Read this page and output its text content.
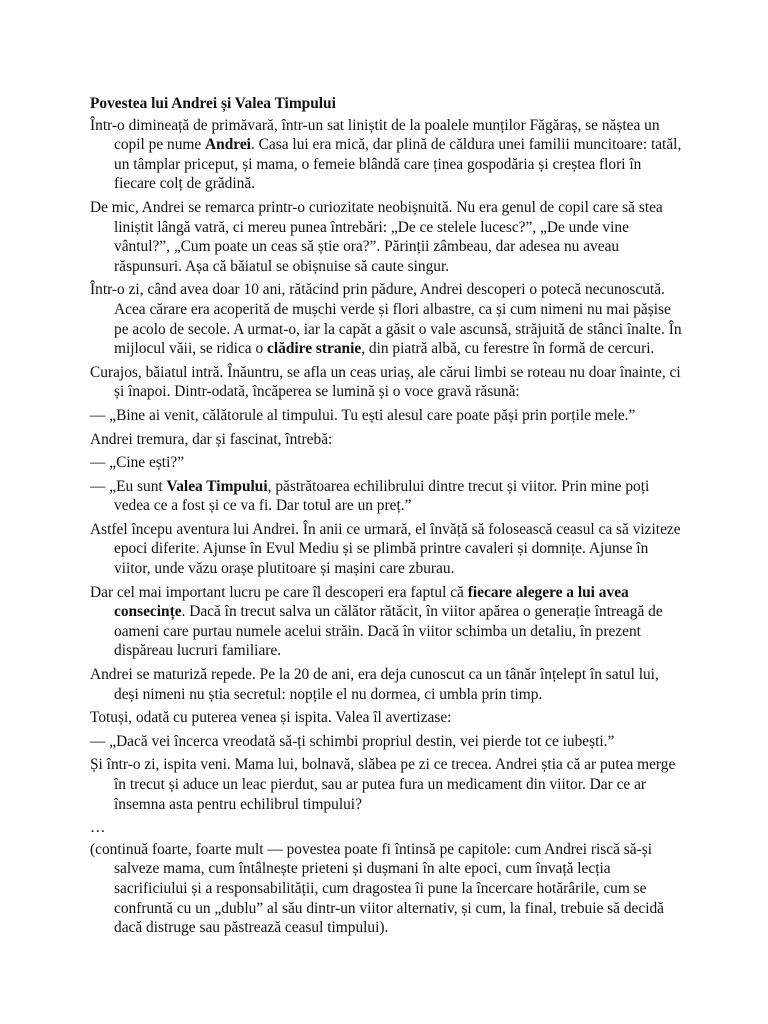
Povestea lui Andrei și Valea Timpului
Într-o dimineață de primăvară, într-un sat liniștit de la poalele munților Făgăraș, se năștea un copil pe nume Andrei. Casa lui era mică, dar plină de căldura unei familii muncitoare: tatăl, un tâmplar priceput, și mama, o femeie blândă care ținea gospodăria și creștea flori în fiecare colț de grădină.
De mic, Andrei se remarca printr-o curiozitate neobișnuită. Nu era genul de copil care să stea liniștit lângă vatră, ci mereu punea întrebări: „De ce stelele lucesc?”, „De unde vine vântul?”, „Cum poate un ceas să știe ora?”. Părinții zâmbeau, dar adesea nu aveau răspunsuri. Așa că băiatul se obișnuise să caute singur.
Într-o zi, când avea doar 10 ani, rătăcind prin pădure, Andrei descoperi o potecă necunoscută. Acea cărare era acoperită de mușchi verde și flori albastre, ca și cum nimeni nu mai pășise pe acolo de secole. A urmat-o, iar la capăt a găsit o vale ascunsă, străjuită de stânci înalte. În mijlocul văii, se ridica o clădire stranie, din piatră albă, cu ferestre în formă de cercuri.
Curajos, băiatul intră. Înăuntru, se afla un ceas uriaș, ale cărui limbi se roteau nu doar înainte, ci și înapoi. Dintr-odată, încăperea se lumină și o voce gravă răsună:
— „Bine ai venit, călătorule al timpului. Tu ești alesul care poate păși prin porțile mele.”
Andrei tremura, dar și fascinat, întrebă:
— „Cine ești?”
— „Eu sunt Valea Timpului, păstrătoarea echilibrului dintre trecut și viitor. Prin mine poți vedea ce a fost și ce va fi. Dar totul are un preț.”
Astfel începu aventura lui Andrei. În anii ce urmară, el învăță să folosească ceasul ca să viziteze epoci diferite. Ajunse în Evul Mediu și se plimbă printre cavaleri și domnițe. Ajunse în viitor, unde văzu orașe plutitoare și mașini care zburau.
Dar cel mai important lucru pe care îl descoperi era faptul că fiecare alegere a lui avea consecințe. Dacă în trecut salva un călător rătăcit, în viitor apărea o generație întreagă de oameni care purtau numele acelui străin. Dacă în viitor schimba un detaliu, în prezent dispăreau lucruri familiare.
Andrei se maturiză repede. Pe la 20 de ani, era deja cunoscut ca un tânăr înțelept în satul lui, deși nimeni nu știa secretul: nopțile el nu dormea, ci umbla prin timp.
Totuși, odată cu puterea venea și ispita. Valea îl avertizase:
— „Dacă vei încerca vreodată să-ți schimbi propriul destin, vei pierde tot ce iubești.”
Și într-o zi, ispita veni. Mama lui, bolnavă, slăbea pe zi ce trecea. Andrei știa că ar putea merge în trecut și aduce un leac pierdut, sau ar putea fura un medicament din viitor. Dar ce ar însemna asta pentru echilibrul timpului?
…
(continuă foarte, foarte mult — povestea poate fi întinsă pe capitole: cum Andrei riscă să-și salveze mama, cum întâlnește prieteni și dușmani în alte epoci, cum învață lecția sacrificiului și a responsabilității, cum dragostea îi pune la încercare hotărârile, cum se confruntă cu un „dublu” al său dintr-un viitor alternativ, și cum, la final, trebuie să decidă dacă distruge sau păstrează ceasul timpului).
